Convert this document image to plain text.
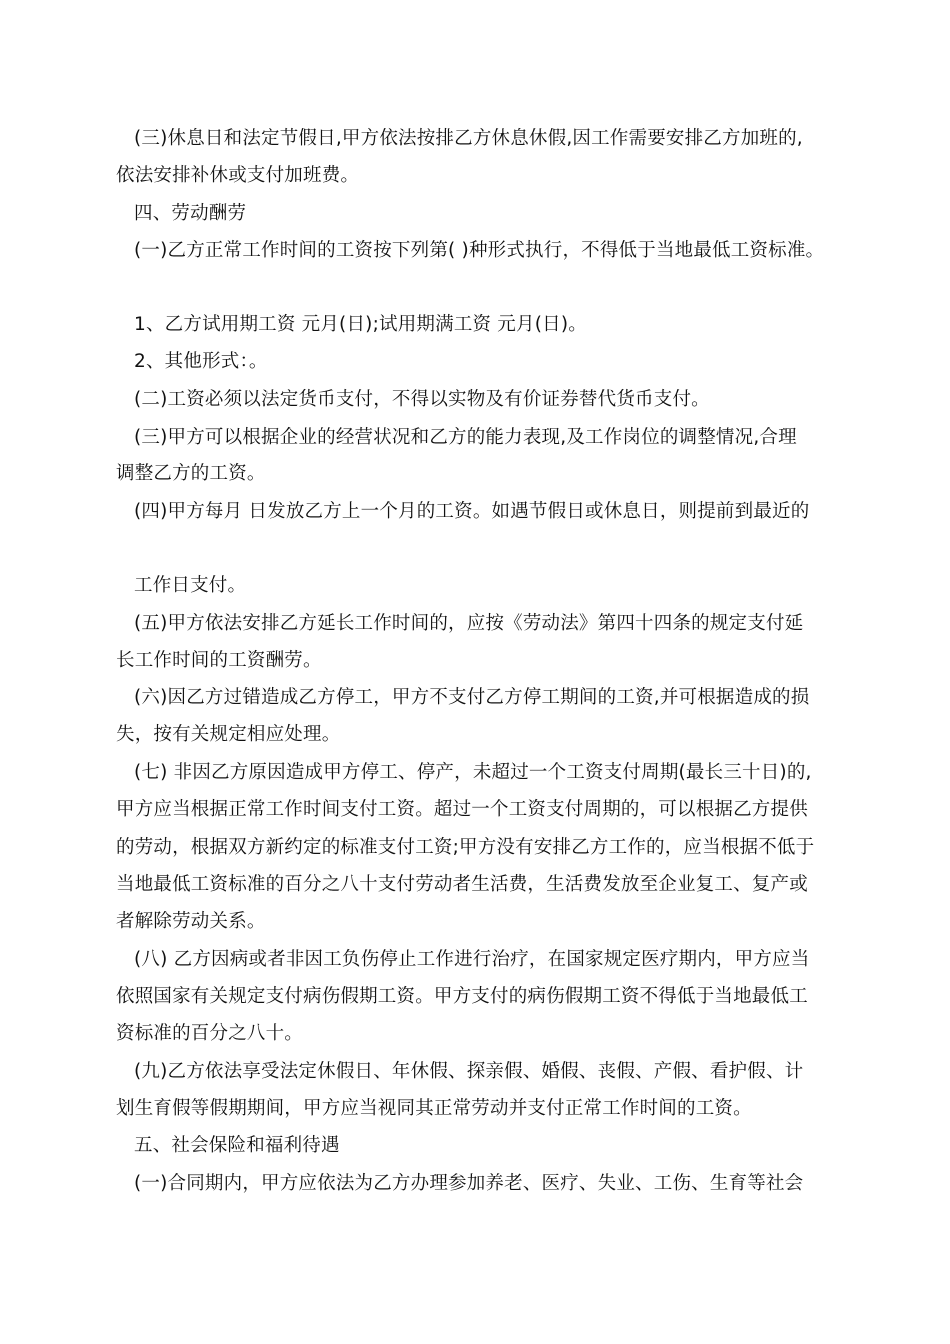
(三)休息日和法定节假日,甲方依法按排乙方休息休假,因工作需要安排乙方加班的,
依法安排补休或支付加班费。
四、劳动酬劳
(一)乙方正常工作时间的工资按下列第( )种形式执行，不得低于当地最低工资标准。
1、乙方试用期工资 元月(日);试用期满工资 元月(日)。
2、其他形式：。
(二)工资必须以法定货币支付，不得以实物及有价证券替代货币支付。
(三)甲方可以根据企业的经营状况和乙方的能力表现,及工作岗位的调整情况,合理
调整乙方的工资。
(四)甲方每月 日发放乙方上一个月的工资。如遇节假日或休息日，则提前到最近的
工作日支付。
(五)甲方依法安排乙方延长工作时间的，应按《劳动法》第四十四条的规定支付延
长工作时间的工资酬劳。
(六)因乙方过错造成乙方停工，甲方不支付乙方停工期间的工资,并可根据造成的损
失，按有关规定相应处理。
(七) 非因乙方原因造成甲方停工、停产，未超过一个工资支付周期(最长三十日)的,
甲方应当根据正常工作时间支付工资。超过一个工资支付周期的，可以根据乙方提供
的劳动，根据双方新约定的标准支付工资;甲方没有安排乙方工作的，应当根据不低于
当地最低工资标准的百分之八十支付劳动者生活费，生活费发放至企业复工、复产或
者解除劳动关系。
(八) 乙方因病或者非因工负伤停止工作进行治疗，在国家规定医疗期内，甲方应当
依照国家有关规定支付病伤假期工资。甲方支付的病伤假期工资不得低于当地最低工
资标准的百分之八十。
(九)乙方依法享受法定休假日、年休假、探亲假、婚假、丧假、产假、看护假、计
划生育假等假期期间，甲方应当视同其正常劳动并支付正常工作时间的工资。
五、社会保险和福利待遇
(一)合同期内，甲方应依法为乙方办理参加养老、医疗、失业、工伤、生育等社会
